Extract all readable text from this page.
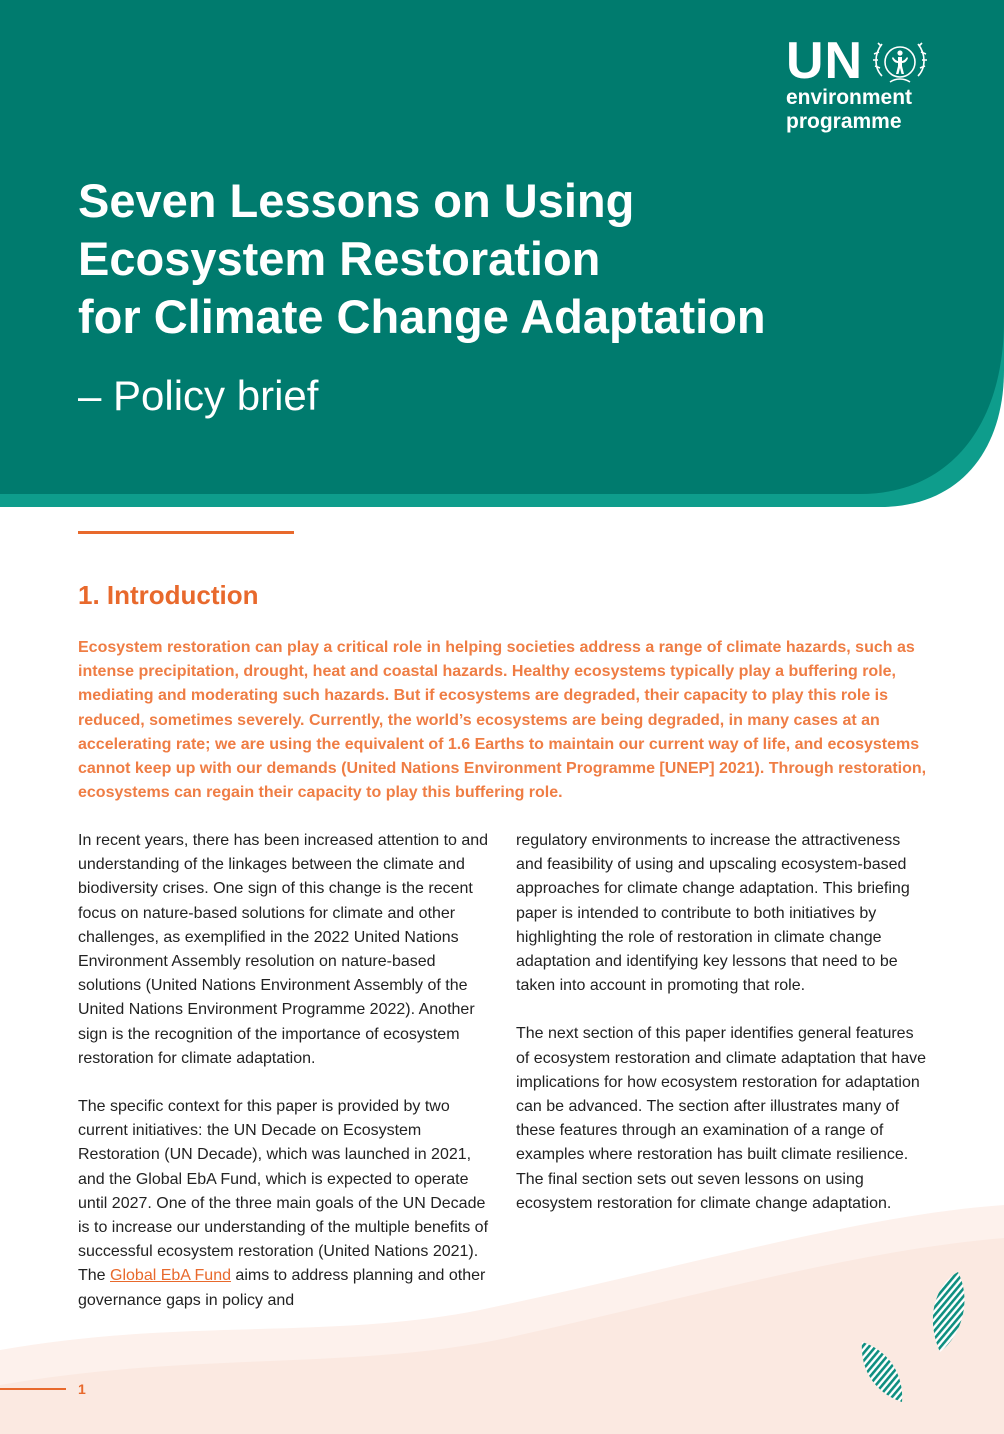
UN
environment
programme
Seven Lessons on Using
Ecosystem Restoration
for Climate Change Adaptation

– Policy brief

1. Introduction

Ecosystem restoration can play a critical role in helping societies address a range of climate hazards, such as intense precipitation, drought, heat and coastal hazards. Healthy ecosystems typically play a buffering role, mediating and moderating such hazards. But if ecosystems are degraded, their capacity to play this role is reduced, sometimes severely. Currently, the world’s ecosystems are being degraded, in many cases at an accelerating rate; we are using the equivalent of 1.6 Earths to maintain our current way of life, and ecosystems cannot keep up with our demands (United Nations Environment Programme [UNEP] 2021). Through restoration, ecosystems can regain their capacity to play this buffering role.

In recent years, there has been increased attention to and understanding of the linkages between the climate and biodiversity crises. One sign of this change is the recent focus on nature-based solutions for climate and other challenges, as exemplified in the 2022 United Nations Environment Assembly resolution on nature-based solutions (United Nations Environment Assembly of the United Nations Environment Programme 2022). Another sign is the recognition of the importance of ecosystem restoration for climate adaptation.

The specific context for this paper is provided by two current initiatives: the UN Decade on Ecosystem Restoration (UN Decade), which was launched in 2021, and the Global EbA Fund, which is expected to operate until 2027. One of the three main goals of the UN Decade is to increase our understanding of the multiple benefits of successful ecosystem restoration (United Nations 2021). The Global EbA Fund aims to address planning and other governance gaps in policy and

regulatory environments to increase the attractiveness and feasibility of using and upscaling ecosystem-based approaches for climate change adaptation. This briefing paper is intended to contribute to both initiatives by highlighting the role of restoration in climate change adaptation and identifying key lessons that need to be taken into account in promoting that role.

The next section of this paper identifies general features of ecosystem restoration and climate adaptation that have implications for how ecosystem restoration for adaptation can be advanced. The section after illustrates many of these features through an examination of a range of examples where restoration has built climate resilience. The final section sets out seven lessons on using ecosystem restoration for climate change adaptation.

1
